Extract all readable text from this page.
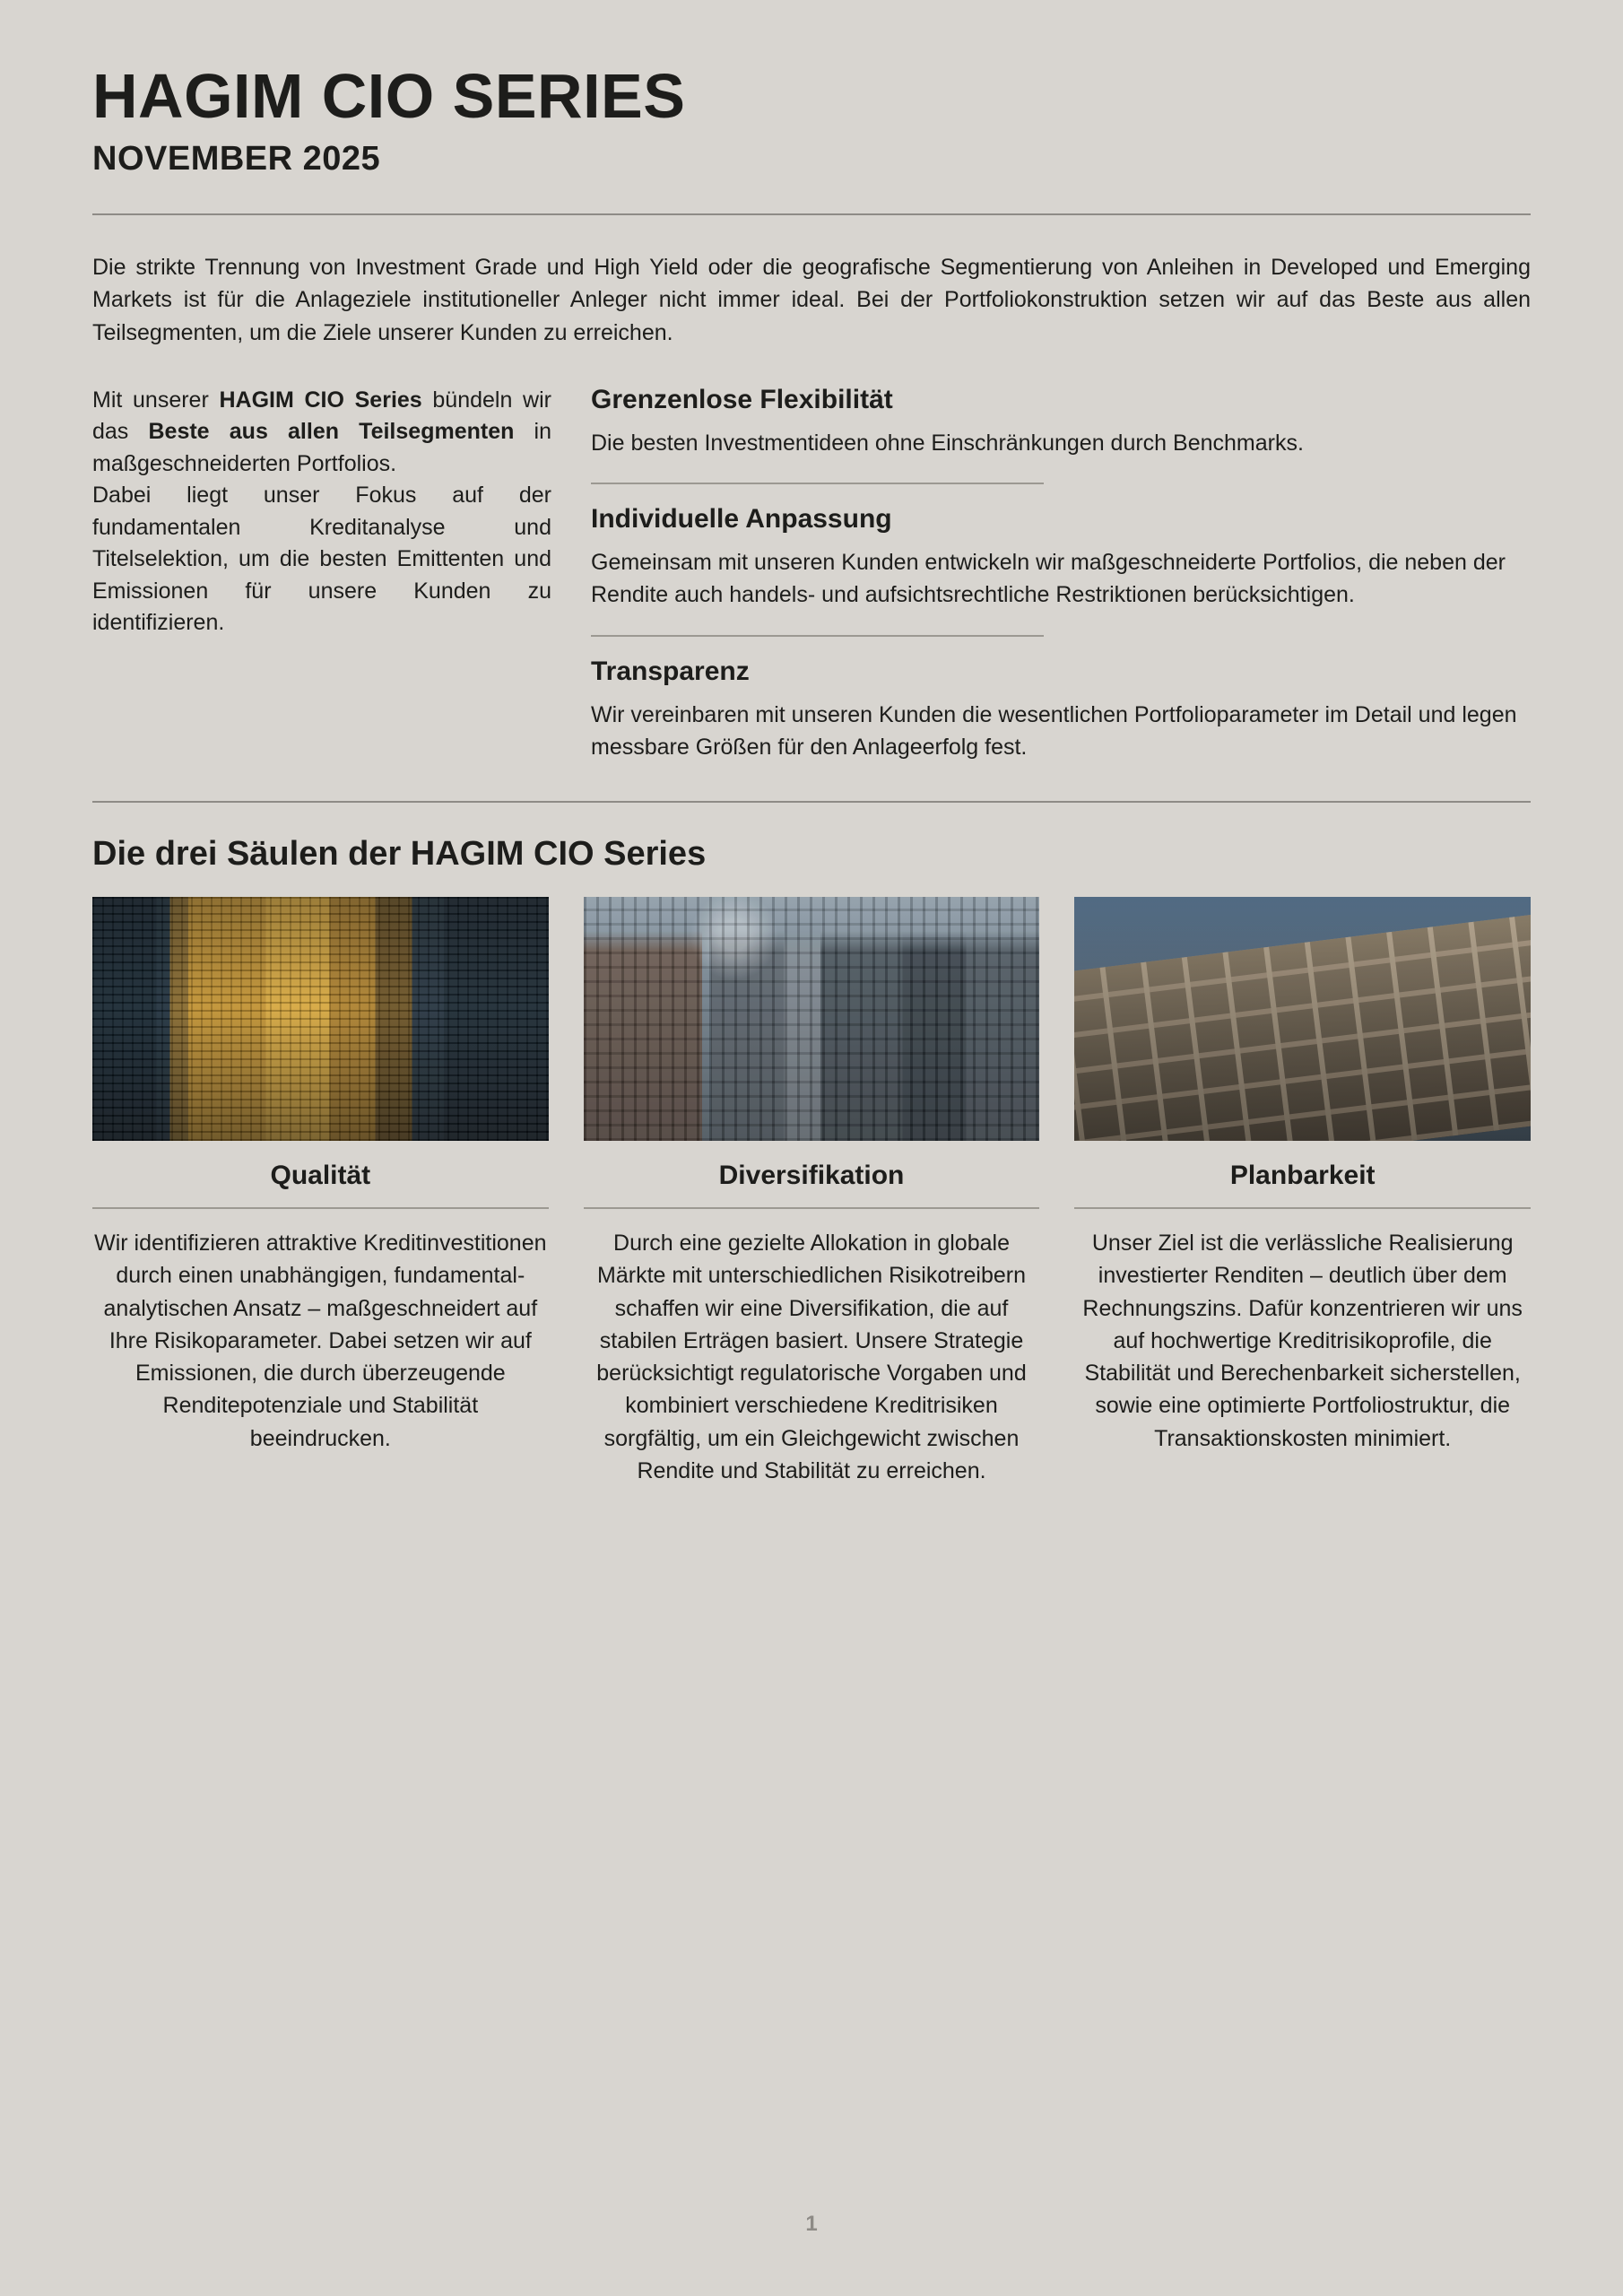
HAGIM CIO SERIES
NOVEMBER 2025

Die strikte Trennung von Investment Grade und High Yield oder die geografische Segmentierung von Anleihen in Developed und Emerging Markets ist für die Anlageziele institutioneller Anleger nicht immer ideal. Bei der Portfoliokonstruktion setzen wir auf das Beste aus allen Teilsegmenten, um die Ziele unserer Kunden zu erreichen.

Mit unserer HAGIM CIO Series bündeln wir das Beste aus allen Teilsegmenten in maßgeschneiderten Portfolios.

Dabei liegt unser Fokus auf der fundamentalen Kreditanalyse und Titelselektion, um die besten Emittenten und Emissionen für unsere Kunden zu identifizieren.

Grenzenlose Flexibilität

Die besten Investmentideen ohne Einschränkungen durch Benchmarks.

Individuelle Anpassung

Gemeinsam mit unseren Kunden entwickeln wir maßgeschneiderte Portfolios, die neben der Rendite auch handels- und aufsichtsrechtliche Restriktionen berücksichtigen.

Transparenz

Wir vereinbaren mit unseren Kunden die wesentlichen Portfolioparameter im Detail und legen messbare Größen für den Anlageerfolg fest.

Die drei Säulen der HAGIM CIO Series
Qualität
Wir identifizieren attraktive Kreditinvestitionen durch einen unabhängigen, fundamental-analytischen Ansatz – maßgeschneidert auf Ihre Risikoparameter. Dabei setzen wir auf Emissionen, die durch überzeugende Renditepotenziale und Stabilität beeindrucken.
Diversifikation
Durch eine gezielte Allokation in globale Märkte mit unterschiedlichen Risikotreibern schaffen wir eine Diversifikation, die auf stabilen Erträgen basiert. Unsere Strategie berücksichtigt regulatorische Vorgaben und kombiniert verschiedene Kreditrisiken sorgfältig, um ein Gleichgewicht zwischen Rendite und Stabilität zu erreichen.
Planbarkeit
Unser Ziel ist die verlässliche Realisierung investierter Renditen – deutlich über dem Rechnungszins. Dafür konzentrieren wir uns auf hochwertige Kreditrisikoprofile, die Stabilität und Berechenbarkeit sicherstellen, sowie eine optimierte Portfoliostruktur, die Transaktionskosten minimiert.
1
